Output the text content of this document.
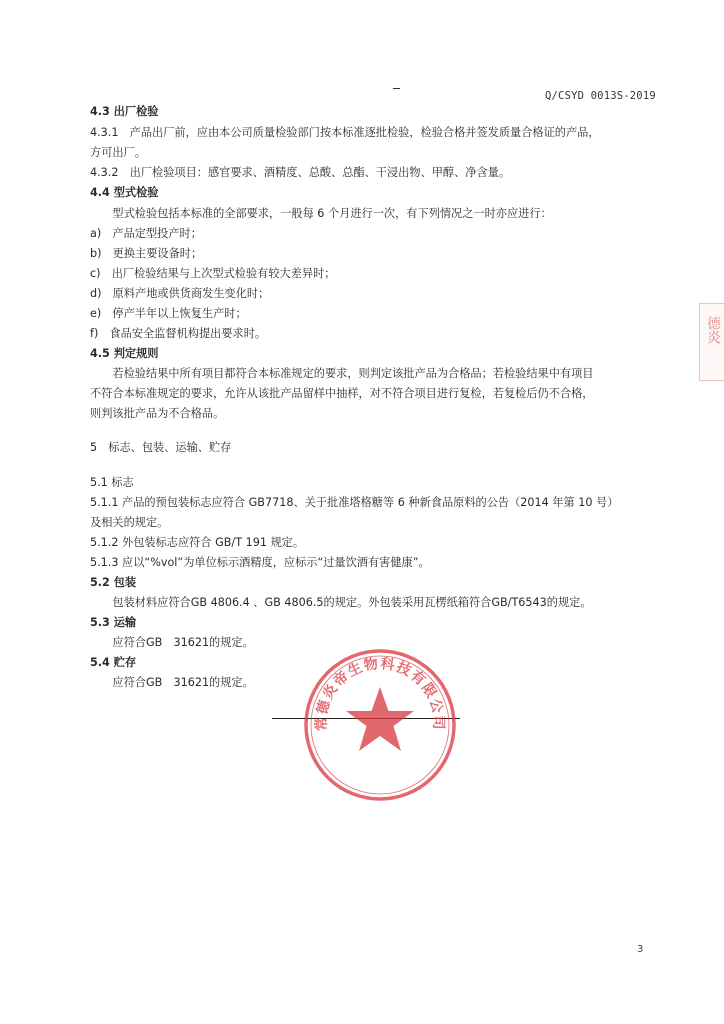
Q/CSYD 0013S-2019
4.3 出厂检验
4.3.1　产品出厂前，应由本公司质量检验部门按本标准逐批检验，检验合格并签发质量合格证的产品，
方可出厂。
4.3.2　出厂检验项目：感官要求、酒精度、总酸、总酯、干浸出物、甲醇、净含量。
4.4 型式检验
　　型式检验包括本标准的全部要求，一般每 6 个月进行一次，有下列情况之一时亦应进行：
a)　产品定型投产时；
b)　更换主要设备时；
c)　出厂检验结果与上次型式检验有较大差异时；
d)　原料产地或供货商发生变化时；
e)　停产半年以上恢复生产时；
f)　食品安全监督机构提出要求时。
4.5 判定规则
　　若检验结果中所有项目都符合本标准规定的要求，则判定该批产品为合格品；若检验结果中有项目
不符合本标准规定的要求，允许从该批产品留样中抽样，对不符合项目进行复检，若复检后仍不合格，
则判该批产品为不合格品。
5　标志、包装、运输、贮存
5.1 标志
5.1.1 产品的预包装标志应符合 GB7718、关于批准塔格糖等 6 种新食品原料的公告（2014 年第 10 号）
及相关的规定。
5.1.2 外包装标志应符合 GB/T 191 规定。
5.1.3 应以“%vol”为单位标示酒精度，应标示“过量饮酒有害健康”。
5.2 包装
　　包装材料应符合GB 4806.4 、GB 4806.5的规定。外包装采用瓦楞纸箱符合GB/T6543的规定。
5.3 运输
　　应符合GB　31621的规定。
5.4 贮存
　　应符合GB　31621的规定。
常德炎帝生物科技有限公司
德炎
3
